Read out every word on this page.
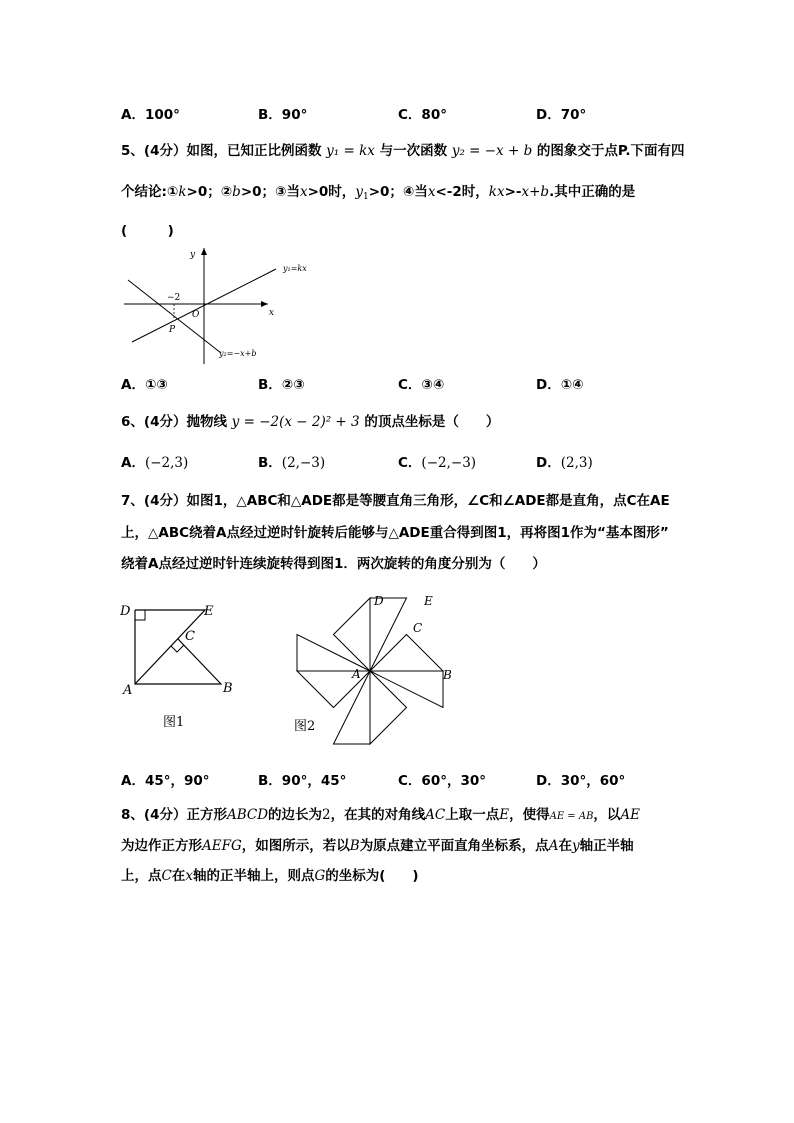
A．100°	B．90°	C．80°	D．70°
5、(4分）如图，已知正比例函数 y₁ = kx 与一次函数 y₂ = −x + b 的图象交于点P.下面有四
个结论:①k>0；②b>0；③当x>0时，$y_1>0$；④当x<-2时，kx>-x+b.其中正确的是
(　　　)
y
x
O
−2
P
y₁=kx
y₂=−x+b
A．①③	B．②③	C．③④	D．①④
6、(4分）抛物线 y = −2(x − 2)² + 3 的顶点坐标是（　　）
A．(−2,3)	B．(2,−3)	C．(−2,−3)	D．(2,3)
7、(4分）如图1，△ABC和△ADE都是等腰直角三角形，∠C和∠ADE都是直角，点C在AE
上，△ABC绕着A点经过逆时针旋转后能够与△ADE重合得到图1，再将图1作为“基本图形”
绕着A点经过逆时针连续旋转得到图1．两次旋转的角度分别为（　　）
D	E
C
A	B
图1
D	E
C
A	B
图2
A．45°，90°	B．90°，45°	C．60°，30°	D．30°，60°
8、(4分）正方形ABCD的边长为2，在其的对角线AC上取一点E，使得AE = AB，以AE
为边作正方形AEFG，如图所示，若以B为原点建立平面直角坐标系，点A在y轴正半轴
上，点C在x轴的正半轴上，则点G的坐标为(　　)
